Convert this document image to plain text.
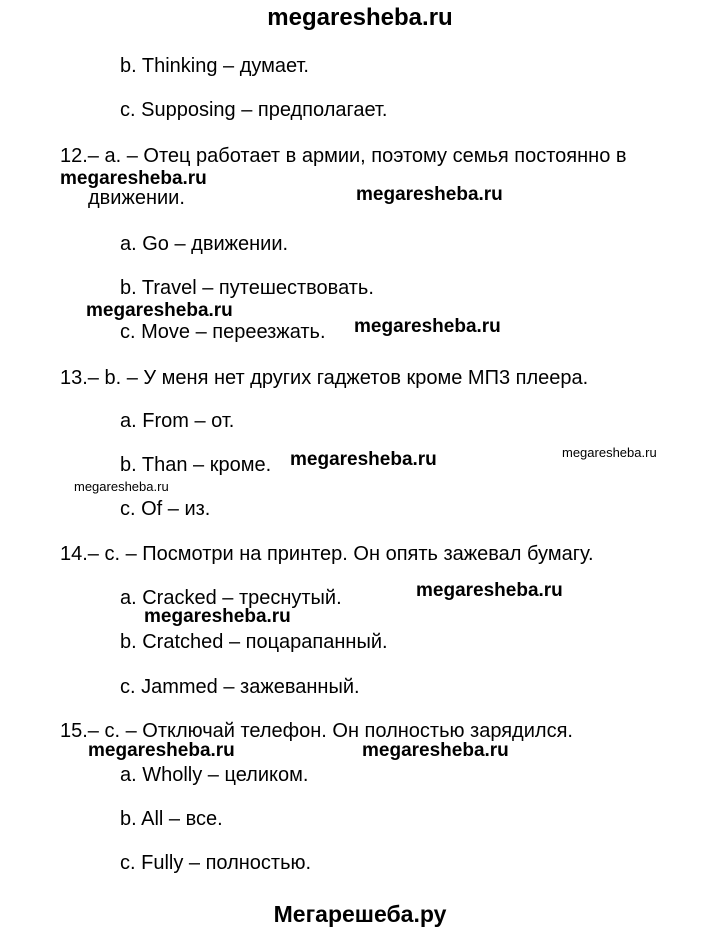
megaresheba.ru
b. Thinking – думает.
c. Supposing – предполагает.
12.– a. – Отец работает в армии, поэтому семья постоянно в
megaresheba.ru
движении.	megaresheba.ru
a. Go – движении.
b. Travel – путешествовать.
megaresheba.ru
c. Move – переезжать. megaresheba.ru
13.– b. – У меня нет других гаджетов кроме МП3 плеера.
a. From – от.
b. Than – кроме. megaresheba.ru	megaresheba.ru
megaresheba.ru
c. Of – из.
14.– c. – Посмотри на принтер. Он опять зажевал бумагу.
a. Cracked – треснутый.	megaresheba.ru
megaresheba.ru
b. Cratched – поцарапанный.
c. Jammed – зажеванный.
15.– c. – Отключай телефон. Он полностью зарядился.
megaresheba.ru	megaresheba.ru
a. Wholly – целиком.
b. All – все.
c. Fully – полностью.
Мегарешеба.ру
